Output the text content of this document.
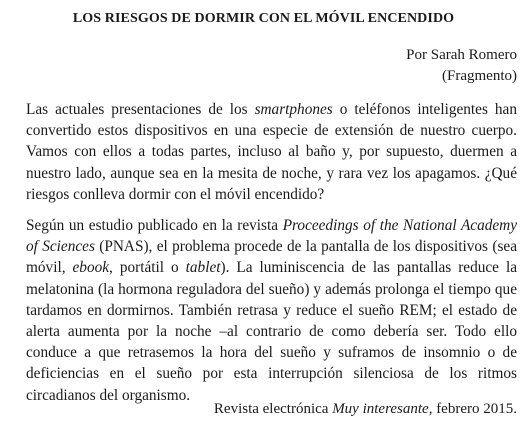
LOS RIESGOS DE DORMIR CON EL MÓVIL ENCENDIDO
Por Sarah Romero
(Fragmento)

Las actuales presentaciones de los smartphones o teléfonos inteligentes han convertido estos dispositivos en una especie de extensión de nuestro cuerpo. Vamos con ellos a todas partes, incluso al baño y, por supuesto, duermen a nuestro lado, aunque sea en la mesita de noche, y rara vez los apagamos. ¿Qué riesgos conlleva dormir con el móvil encendido?

Según un estudio publicado en la revista Proceedings of the National Academy of Sciences (PNAS), el problema procede de la pantalla de los dispositivos (sea móvil, ebook, portátil o tablet). La luminiscencia de las pantallas reduce la melatonina (la hormona reguladora del sueño) y además prolonga el tiempo que tardamos en dormirnos. También retrasa y reduce el sueño REM; el estado de alerta aumenta por la noche –al contrario de como debería ser. Todo ello conduce a que retrasemos la hora del sueño y suframos de insomnio o de deficiencias en el sueño por esta interrupción silenciosa de los ritmos circadianos del organismo.

Revista electrónica Muy interesante, febrero 2015.
